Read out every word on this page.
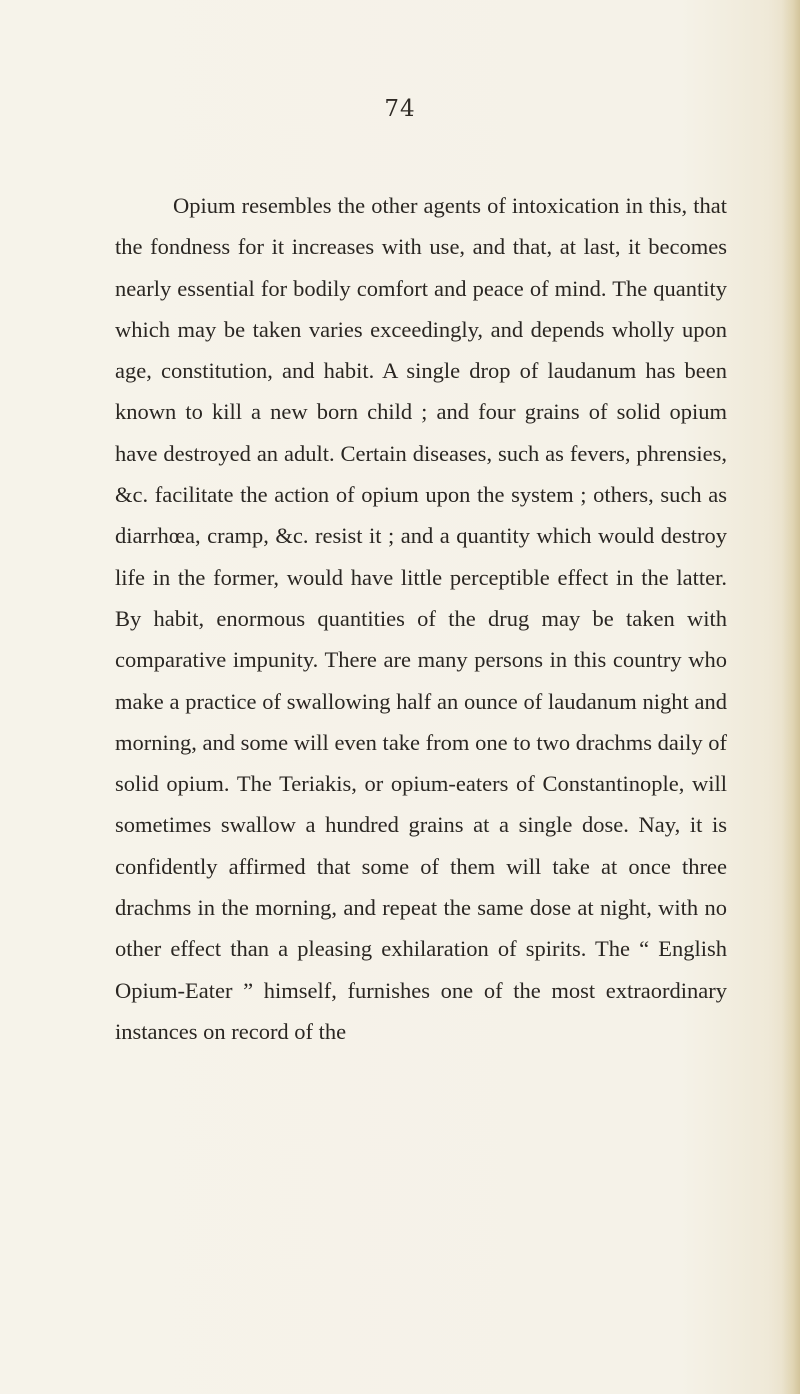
74

Opium resembles the other agents of intoxication in this, that the fondness for it increases with use, and that, at last, it becomes nearly essential for bodily comfort and peace of mind. The quantity which may be taken varies exceedingly, and depends wholly upon age, constitution, and habit. A single drop of laudanum has been known to kill a new born child ; and four grains of solid opium have destroyed an adult. Certain diseases, such as fevers, phrensies, &c. facilitate the action of opium upon the system ; others, such as diarrhœa, cramp, &c. resist it ; and a quantity which would destroy life in the former, would have little perceptible effect in the latter. By habit, enormous quantities of the drug may be taken with comparative impunity. There are many persons in this country who make a practice of swallowing half an ounce of laudanum night and morning, and some will even take from one to two drachms daily of solid opium. The Teriakis, or opium-eaters of Constantinople, will sometimes swallow a hundred grains at a single dose. Nay, it is confidently affirmed that some of them will take at once three drachms in the morning, and repeat the same dose at night, with no other effect than a pleasing exhilaration of spirits. The “ English Opium-Eater ” himself, furnishes one of the most extraordinary instances on record of the
